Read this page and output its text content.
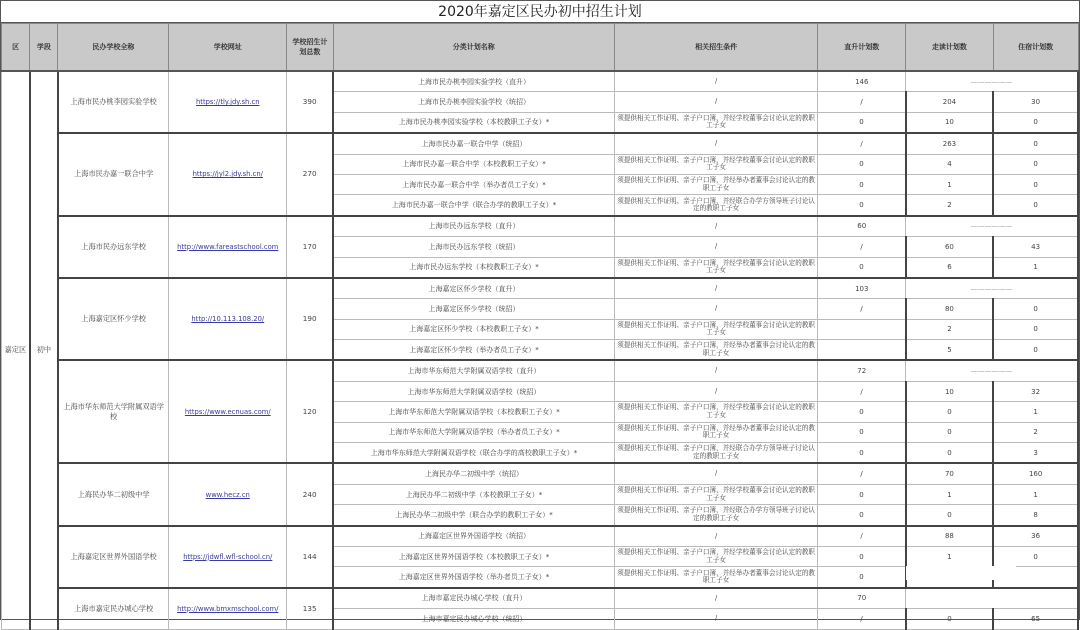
2020年嘉定区民办初中招生计划
区	学段	民办学校全称	学校网址	学校招生计划总数	分类计划名称	相关招生条件	直升计划数	走读计划数	住宿计划数
嘉定区	初中	上海市民办桃李园实验学校	https://tly.jdy.sh.cn	390	上海市民办桃李园实验学校（直升）	/	146	——————	
					上海市民办桃李园实验学校（统招）	/	/	204	30
					上海市民办桃李园实验学校（本校教职工子女）*	须提供相关工作证明、亲子户口簿，并经学校董事会讨论认定的教职工子女	0	10	0
		上海市民办嘉一联合中学	https://jyl2.jdy.sh.cn/	270	上海市民办嘉一联合中学（统招）	/	/	263	0
					上海市民办嘉一联合中学（本校教职工子女）*	须提供相关工作证明、亲子户口簿，并经学校董事会讨论认定的教职工子女	0	4	0
					上海市民办嘉一联合中学（举办者员工子女）*	须提供相关工作证明、亲子户口簿，并经举办者董事会讨论认定的教职工子女	0	1	0
					上海市民办嘉一联合中学（联合办学的教职工子女）*	须提供相关工作证明、亲子户口簿，并经联合办学方领导班子讨论认定的教职工子女	0	2	0
		上海市民办远东学校	http://www.fareastschool.com	170	上海市民办远东学校（直升）	/	60	——————	
					上海市民办远东学校（统招）	/	/	60	43
					上海市民办远东学校（本校教职工子女）*	须提供相关工作证明、亲子户口簿，并经学校董事会讨论认定的教职工子女	0	6	1
		上海嘉定区怀少学校	http://10.113.108.20/	190	上海嘉定区怀少学校（直升）	/	103	——————	
					上海嘉定区怀少学校（统招）	/	/	80	0
					上海嘉定区怀少学校（本校教职工子女）*	须提供相关工作证明、亲子户口簿，并经学校董事会讨论认定的教职工子女		2	0
					上海嘉定区怀少学校（举办者员工子女）*	须提供相关工作证明、亲子户口簿，并经举办者董事会讨论认定的教职工子女		5	0
		上海市华东师范大学附属双语学校	https://www.ecnuas.com/	120	上海市华东师范大学附属双语学校（直升）	/	72	——————	
					上海市华东师范大学附属双语学校（统招）	/	/	10	32
					上海市华东师范大学附属双语学校（本校教职工子女）*	须提供相关工作证明、亲子户口簿，并经学校董事会讨论认定的教职工子女	0	0	1
					上海市华东师范大学附属双语学校（举办者员工子女）*	须提供相关工作证明、亲子户口簿，并经举办者董事会讨论认定的教职工子女	0	0	2
					上海市华东师范大学附属双语学校（联合办学的高校教职工子女）*	须提供相关工作证明、亲子户口簿，并经联合办学方领导班子讨论认定的教职工子女	0	0	3
		上海民办华二初级中学	www.hecz.cn	240	上海民办华二初级中学（统招）	/	/	70	160
					上海民办华二初级中学（本校教职工子女）*	须提供相关工作证明、亲子户口簿，并经学校董事会讨论认定的教职工子女	0	1	1
					上海民办华二初级中学（联合办学的教职工子女）*	须提供相关工作证明、亲子户口簿，并经联合办学方领导班子讨论认定的教职工子女	0	0	8
		上海嘉定区世界外国语学校	https://jdwfl.wfl-school.cn/	144	上海嘉定区世界外国语学校（统招）	/	/	88	36
					上海嘉定区世界外国语学校（本校教职工子女）*	须提供相关工作证明、亲子户口簿，并经学校董事会讨论认定的教职工子女	0	1	0
					上海嘉定区世界外国语学校（举办者员工子女）*	须提供相关工作证明、亲子户口簿，并经举办者董事会讨论认定的教职工子女	0		
		上海市嘉定民办城心学校	http://www.bmxmschool.com/	135	上海市嘉定民办城心学校（直升）	/	70		
					上海市嘉定民办城心学校（统招）	/	/	0	65
